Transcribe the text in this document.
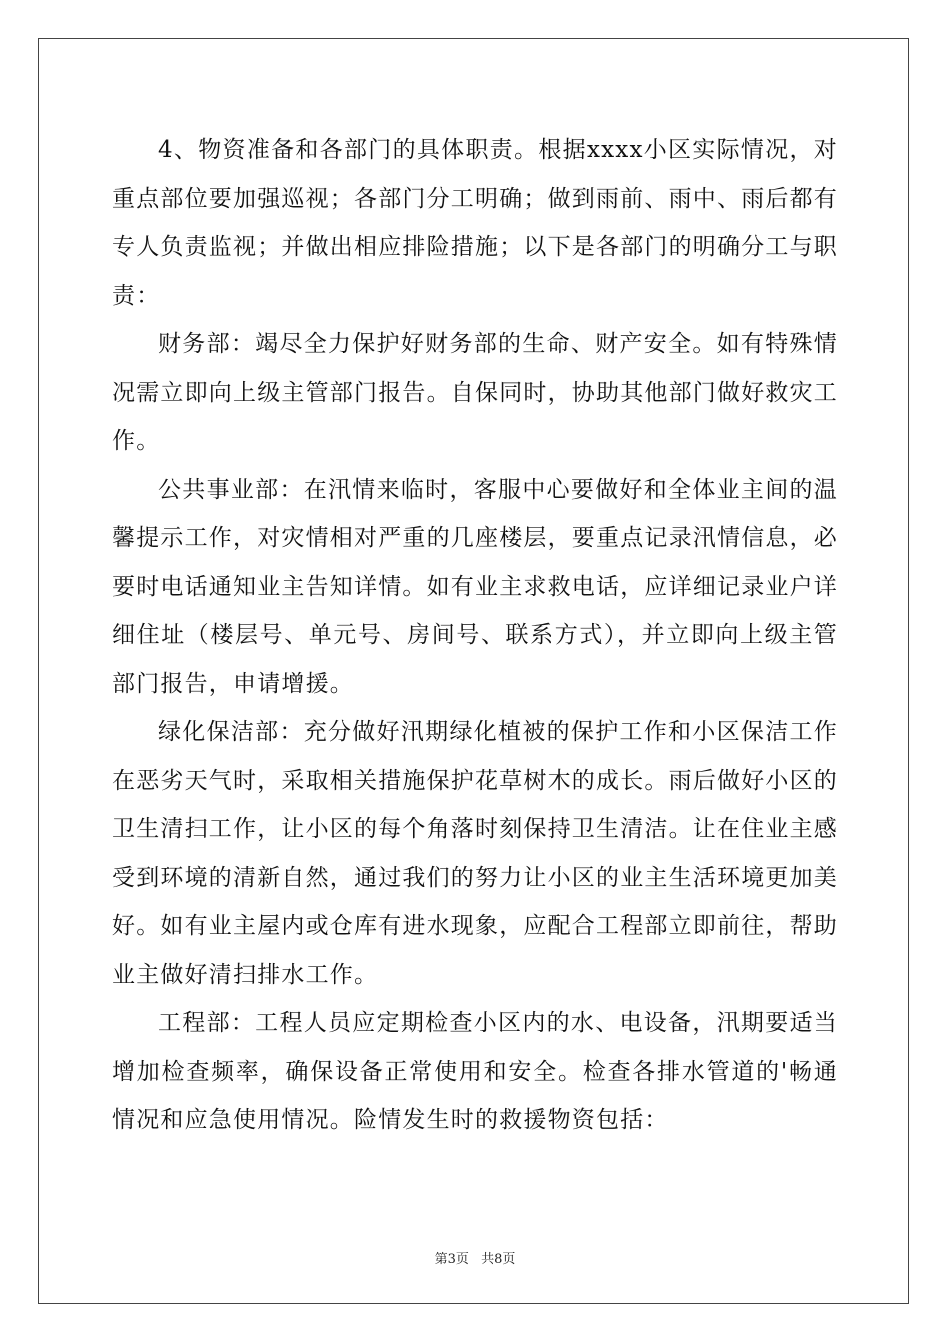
4、物资准备和各部门的具体职责。根据xxxx小区实际情况，对重点部位要加强巡视；各部门分工明确；做到雨前、雨中、雨后都有专人负责监视；并做出相应排险措施；以下是各部门的明确分工与职责：

财务部：竭尽全力保护好财务部的生命、财产安全。如有特殊情况需立即向上级主管部门报告。自保同时，协助其他部门做好救灾工作。

公共事业部：在汛情来临时，客服中心要做好和全体业主间的温馨提示工作，对灾情相对严重的几座楼层，要重点记录汛情信息，必要时电话通知业主告知详情。如有业主求救电话，应详细记录业户详细住址（楼层号、单元号、房间号、联系方式），并立即向上级主管部门报告，申请增援。

绿化保洁部：充分做好汛期绿化植被的保护工作和小区保洁工作在恶劣天气时，采取相关措施保护花草树木的成长。雨后做好小区的卫生清扫工作，让小区的每个角落时刻保持卫生清洁。让在住业主感受到环境的清新自然，通过我们的努力让小区的业主生活环境更加美好。如有业主屋内或仓库有进水现象，应配合工程部立即前往，帮助业主做好清扫排水工作。

工程部：工程人员应定期检查小区内的水、电设备，汛期要适当增加检查频率，确保设备正常使用和安全。检查各排水管道的'畅通情况和应急使用情况。险情发生时的救援物资包括：

第3页 共8页
